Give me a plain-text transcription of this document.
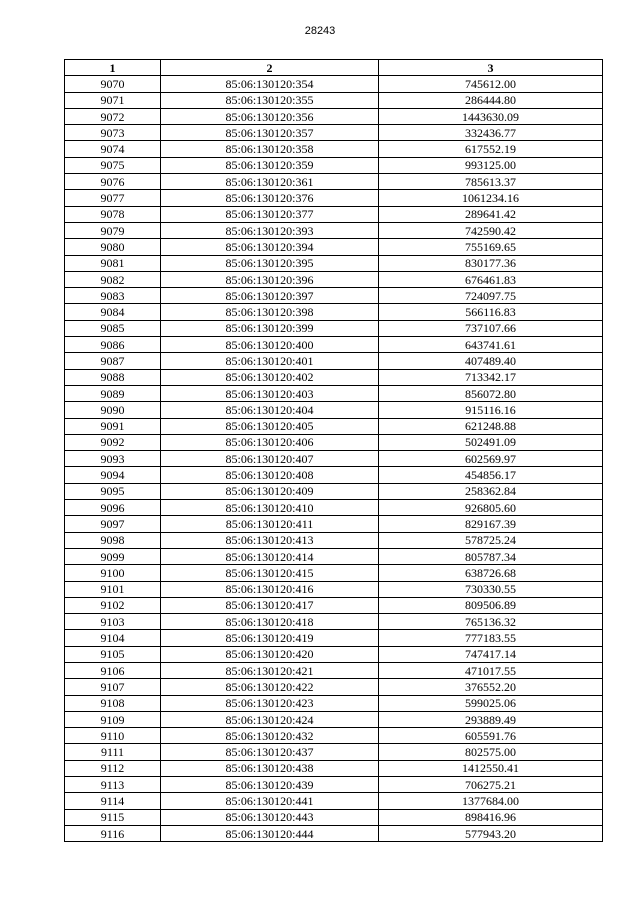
28243
1	2	3
9070	85:06:130120:354	745612.00
9071	85:06:130120:355	286444.80
9072	85:06:130120:356	1443630.09
9073	85:06:130120:357	332436.77
9074	85:06:130120:358	617552.19
9075	85:06:130120:359	993125.00
9076	85:06:130120:361	785613.37
9077	85:06:130120:376	1061234.16
9078	85:06:130120:377	289641.42
9079	85:06:130120:393	742590.42
9080	85:06:130120:394	755169.65
9081	85:06:130120:395	830177.36
9082	85:06:130120:396	676461.83
9083	85:06:130120:397	724097.75
9084	85:06:130120:398	566116.83
9085	85:06:130120:399	737107.66
9086	85:06:130120:400	643741.61
9087	85:06:130120:401	407489.40
9088	85:06:130120:402	713342.17
9089	85:06:130120:403	856072.80
9090	85:06:130120:404	915116.16
9091	85:06:130120:405	621248.88
9092	85:06:130120:406	502491.09
9093	85:06:130120:407	602569.97
9094	85:06:130120:408	454856.17
9095	85:06:130120:409	258362.84
9096	85:06:130120:410	926805.60
9097	85:06:130120:411	829167.39
9098	85:06:130120:413	578725.24
9099	85:06:130120:414	805787.34
9100	85:06:130120:415	638726.68
9101	85:06:130120:416	730330.55
9102	85:06:130120:417	809506.89
9103	85:06:130120:418	765136.32
9104	85:06:130120:419	777183.55
9105	85:06:130120:420	747417.14
9106	85:06:130120:421	471017.55
9107	85:06:130120:422	376552.20
9108	85:06:130120:423	599025.06
9109	85:06:130120:424	293889.49
9110	85:06:130120:432	605591.76
9111	85:06:130120:437	802575.00
9112	85:06:130120:438	1412550.41
9113	85:06:130120:439	706275.21
9114	85:06:130120:441	1377684.00
9115	85:06:130120:443	898416.96
9116	85:06:130120:444	577943.20
